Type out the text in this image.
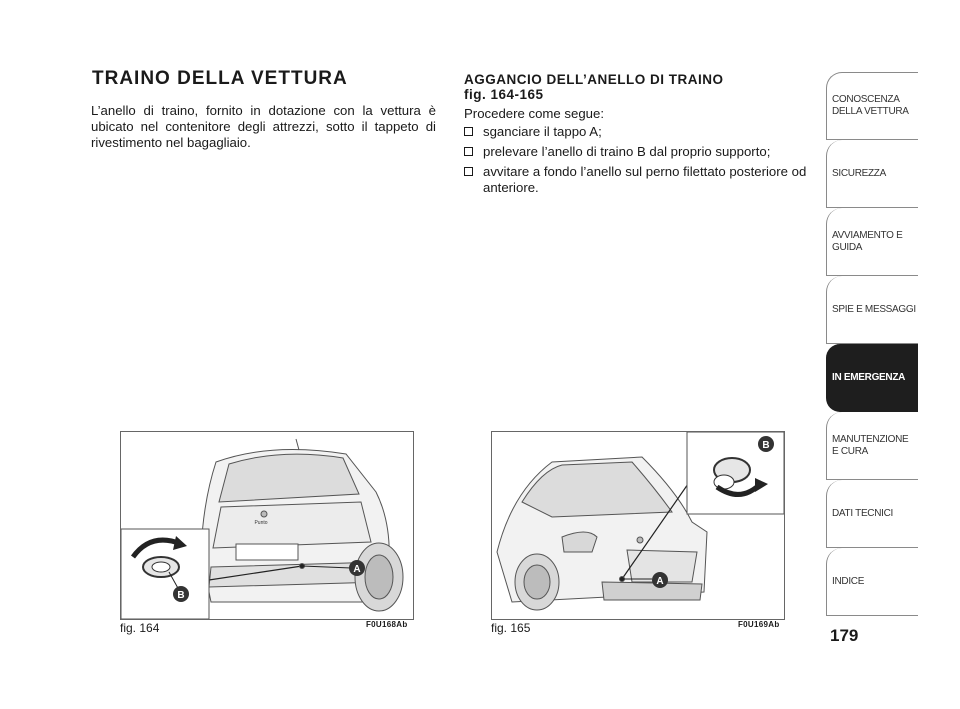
TRAINO DELLA VETTURA

L’anello di traino, fornito in dotazione con la vettura è ubicato nel contenitore degli attrezzi, sotto il tappeto di rivestimento nel bagagliaio.

AGGANCIO DELL’ANELLO DI TRAINO
fig. 164-165

Procedere come segue:

sganciare il tappo A;
prelevare l’anello di traino B dal proprio supporto;
avvitare a fondo l’anello sul perno filettato posteriore od anteriore.
B
A
Punto
fig. 164	F0U168Ab
B
A
fig. 165	F0U169Ab
CONOSCENZA DELLA VETTURA
SICUREZZA
AVVIAMENTO E GUIDA
SPIE E MESSAGGI
IN EMERGENZA
MANUTENZIONE E CURA
DATI TECNICI
INDICE
179
